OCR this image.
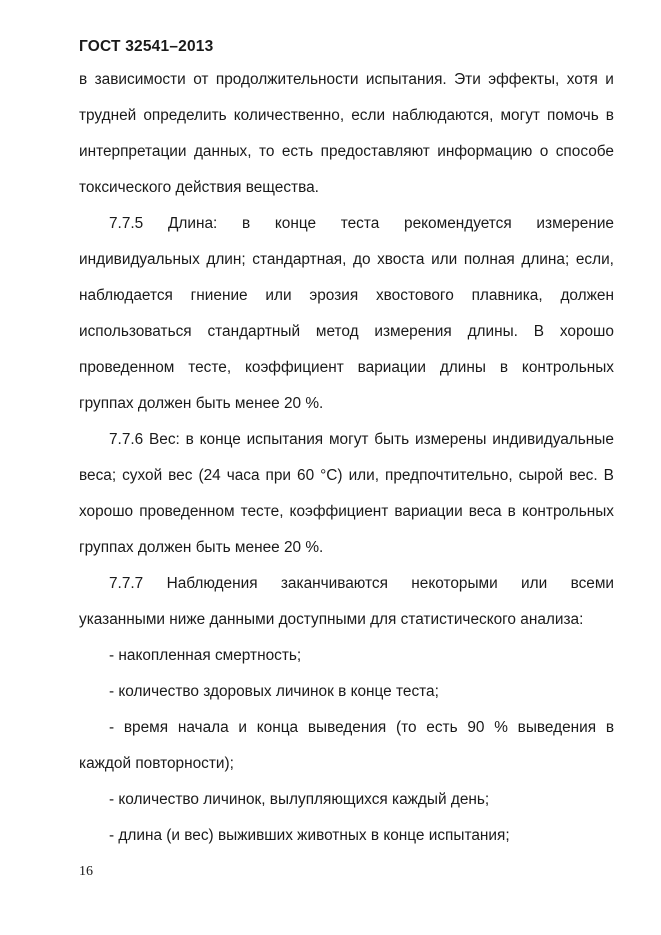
ГОСТ 32541–2013
в зависимости от продолжительности испытания. Эти эффекты, хотя и
трудней определить количественно, если наблюдаются, могут помочь в
интерпретации данных, то есть предоставляют информацию о способе
токсического действия вещества.
7.7.5 Длина: в конце теста рекомендуется измерение
индивидуальных длин; стандартная, до хвоста или полная длина; если,
наблюдается гниение или эрозия хвостового плавника, должен
использоваться стандартный метод измерения длины. В хорошо
проведенном тесте, коэффициент вариации длины в контрольных
группах должен быть менее 20 %.
7.7.6 Вес: в конце испытания могут быть измерены индивидуальные
веса; сухой вес (24 часа при 60 °С) или, предпочтительно, сырой вес. В
хорошо проведенном тесте, коэффициент вариации веса в контрольных
группах должен быть менее 20 %.
7.7.7 Наблюдения заканчиваются некоторыми или всеми
указанными ниже данными доступными для статистического анализа:
- накопленная смертность;
- количество здоровых личинок в конце теста;
- время начала и конца выведения (то есть 90 % выведения в
каждой повторности);
- количество личинок, вылупляющихся каждый день;
- длина (и вес) выживших животных в конце испытания;
16
